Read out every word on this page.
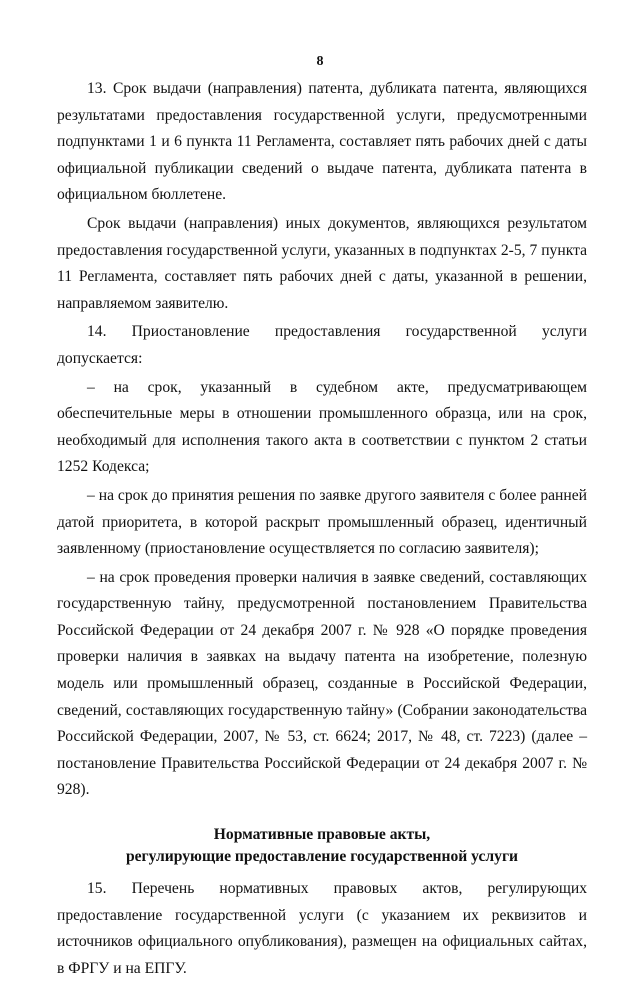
8

13. Срок выдачи (направления) патента, дубликата патента, являющихся результатами предоставления государственной услуги, предусмотренными подпунктами 1 и 6 пункта 11 Регламента, составляет пять рабочих дней с даты официальной публикации сведений о выдаче патента, дубликата патента в официальном бюллетене.

Срок выдачи (направления) иных документов, являющихся результатом предоставления государственной услуги, указанных в подпунктах 2-5, 7 пункта 11 Регламента, составляет пять рабочих дней с даты, указанной в решении, направляемом заявителю.

14. Приостановление предоставления государственной услуги допускается:

– на срок, указанный в судебном акте, предусматривающем обеспечительные меры в отношении промышленного образца, или на срок, необходимый для исполнения такого акта в соответствии с пунктом 2 статьи 1252 Кодекса;

– на срок до принятия решения по заявке другого заявителя с более ранней датой приоритета, в которой раскрыт промышленный образец, идентичный заявленному (приостановление осуществляется по согласию заявителя);

– на срок проведения проверки наличия в заявке сведений, составляющих государственную тайну, предусмотренной постановлением Правительства Российской Федерации от 24 декабря 2007 г. № 928 «О порядке проведения проверки наличия в заявках на выдачу патента на изобретение, полезную модель или промышленный образец, созданные в Российской Федерации, сведений, составляющих государственную тайну» (Собрании законодательства Российской Федерации, 2007, № 53, ст. 6624; 2017, № 48, ст. 7223) (далее – постановление Правительства Российской Федерации от 24 декабря 2007 г. № 928).

Нормативные правовые акты,
регулирующие предоставление государственной услуги

15. Перечень нормативных правовых актов, регулирующих предоставление государственной услуги (с указанием их реквизитов и источников официального опубликования), размещен на официальных сайтах, в ФРГУ и на ЕПГУ.
